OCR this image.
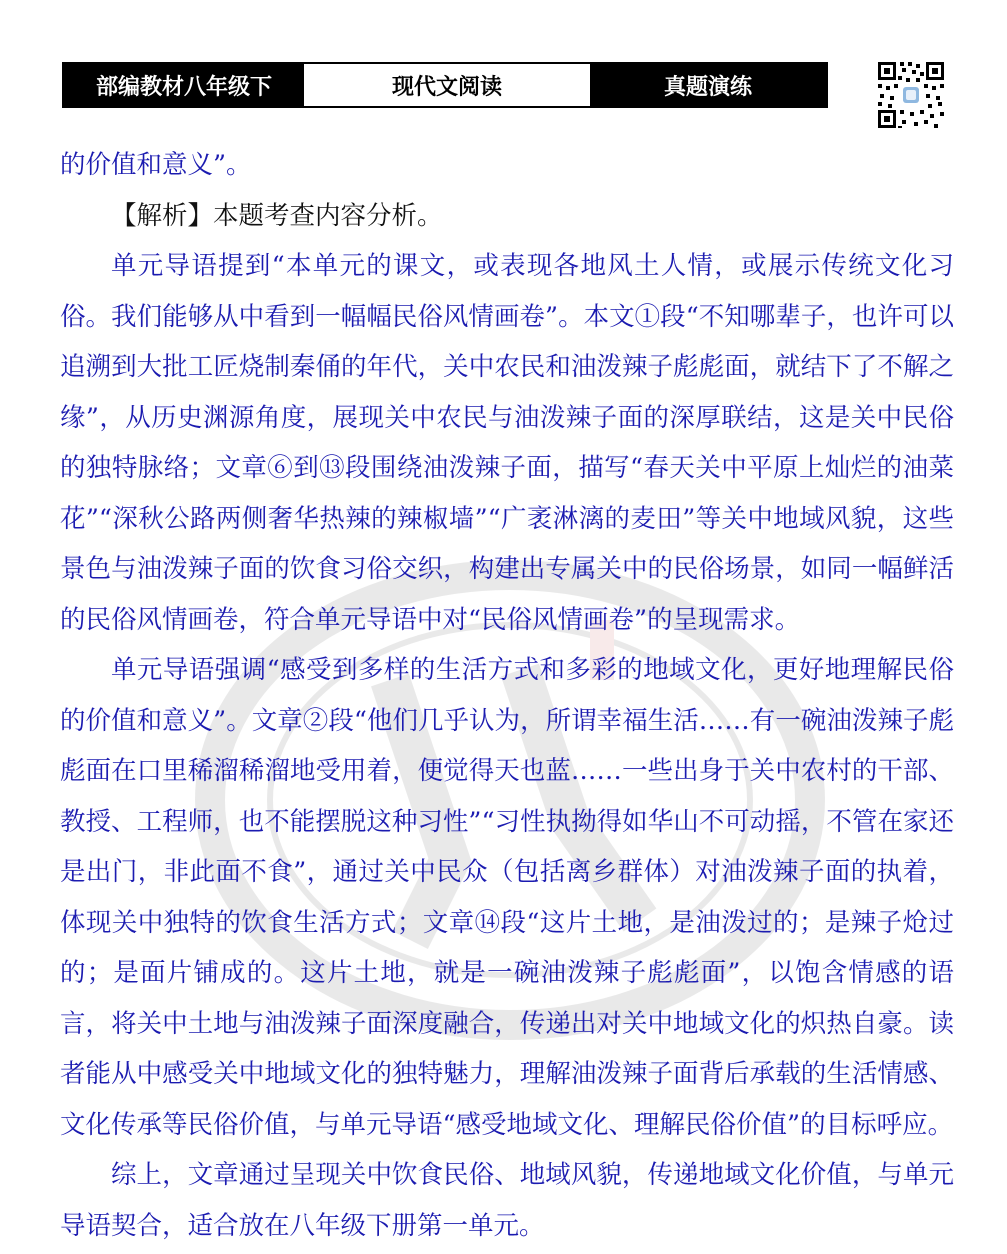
部编教材八年级下	现代文阅读	真题演练

的价值和意义”。

【解析】本题考查内容分析。

单元导语提到“本单元的课文，或表现各地风土人情，或展示传统文化习俗。我们能够从中看到一幅幅民俗风情画卷”。本文①段“不知哪辈子，也许可以追溯到大批工匠烧制秦俑的年代，关中农民和油泼辣子彪彪面，就结下了不解之缘”，从历史渊源角度，展现关中农民与油泼辣子面的深厚联结，这是关中民俗的独特脉络；文章⑥到⑬段围绕油泼辣子面，描写“春天关中平原上灿烂的油菜花”“深秋公路两侧奢华热辣的辣椒墙”“广袤淋漓的麦田”等关中地域风貌，这些景色与油泼辣子面的饮食习俗交织，构建出专属关中的民俗场景，如同一幅鲜活的民俗风情画卷，符合单元导语中对“民俗风情画卷”的呈现需求。

单元导语强调“感受到多样的生活方式和多彩的地域文化，更好地理解民俗的价值和意义”。文章②段“他们几乎认为，所谓幸福生活……有一碗油泼辣子彪彪面在口里稀溜稀溜地受用着，便觉得天也蓝……一些出身于关中农村的干部、教授、工程师，也不能摆脱这种习性”“习性执拗得如华山不可动摇，不管在家还是出门，非此面不食”，通过关中民众（包括离乡群体）对油泼辣子面的执着，体现关中独特的饮食生活方式；文章⑭段“这片土地，是油泼过的；是辣子炝过的；是面片铺成的。这片土地，就是一碗油泼辣子彪彪面”，以饱含情感的语言，将关中土地与油泼辣子面深度融合，传递出对关中地域文化的炽热自豪。读者能从中感受关中地域文化的独特魅力，理解油泼辣子面背后承载的生活情感、文化传承等民俗价值，与单元导语“感受地域文化、理解民俗价值”的目标呼应。

综上，文章通过呈现关中饮食民俗、地域风貌，传递地域文化价值，与单元导语契合，适合放在八年级下册第一单元。
